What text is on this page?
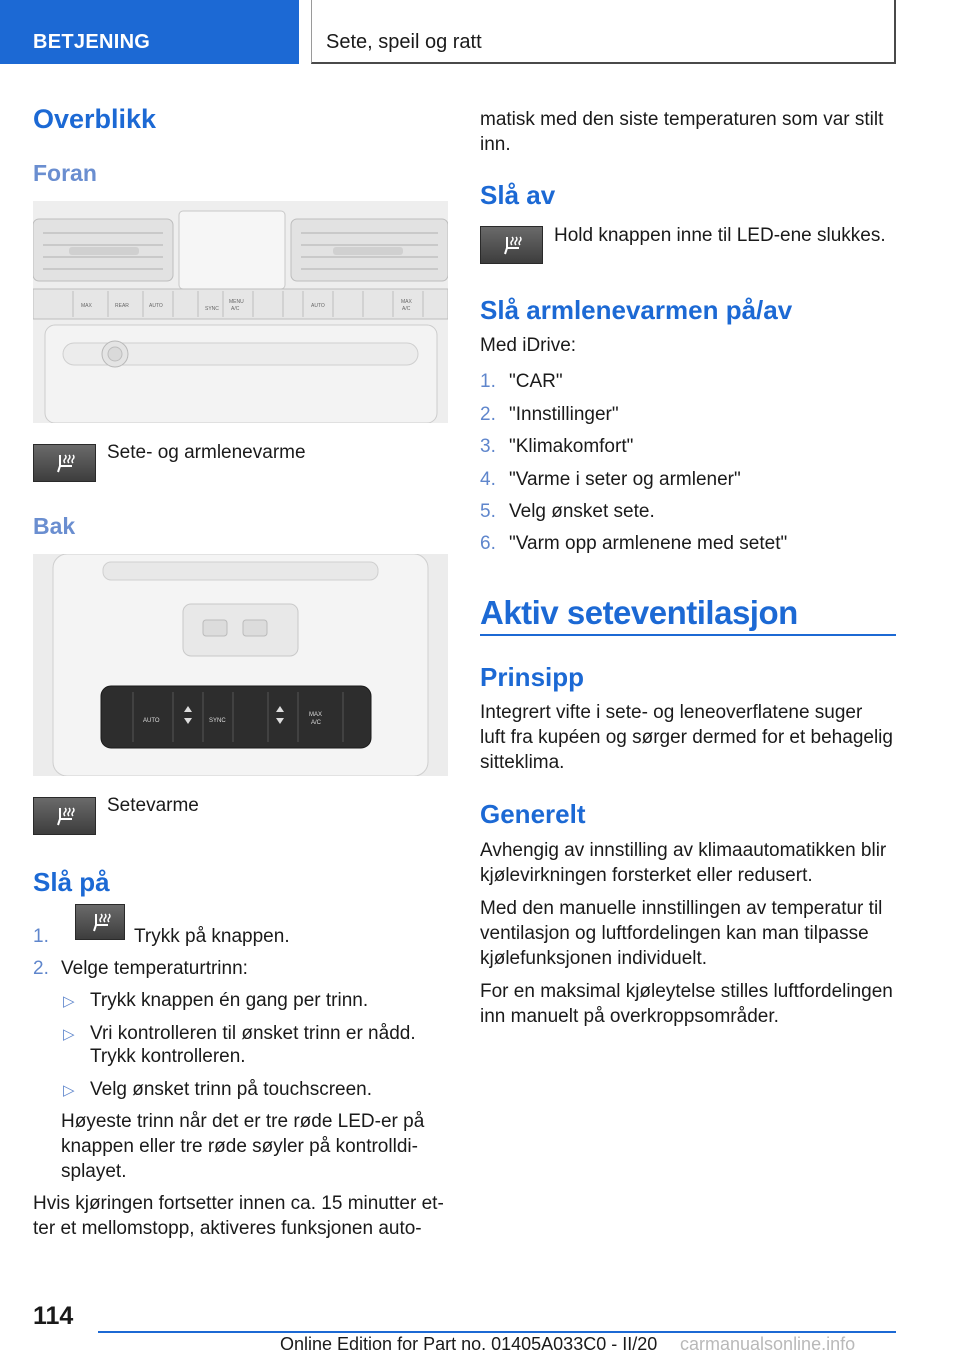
BETJENING	Sete, speil og ratt
Overblikk
Foran
MAX	REAR	AUTO
MENU
A/C
SYNC	AUTO
MAX
A/C
Sete- og armlenevarme
Bak
AUTO	SYNC
MAX
A/C
Setevarme
Slå på
1.	Trykk på knappen.
2. Velge temperaturtrinn:
▷ Trykk knappen én gang per trinn.
▷ Vri kontrolleren til ønsket trinn er nådd.
Trykk kontrolleren.
▷ Velg ønsket trinn på touchscreen.
Høyeste trinn når det er tre røde LED-er på
knappen eller tre røde søyler på kontrolldi-
splayet.
Hvis kjøringen fortsetter innen ca. 15 minutter et-
ter et mellomstopp, aktiveres funksjonen auto-
matisk med den siste temperaturen som var stilt
inn.
Slå av
Hold knappen inne til LED-ene slukkes.
Slå armlenevarmen på/av
Med iDrive:
1. "CAR"
2. "Innstillinger"
3. "Klimakomfort"
4. "Varme i seter og armlener"
5. Velg ønsket sete.
6. "Varm opp armlenene med setet"
Aktiv seteventilasjon
Prinsipp
Integrert vifte i sete- og leneoverflatene suger
luft fra kupéen og sørger dermed for et behagelig
sitteklima.
Generelt
Avhengig av innstilling av klimaautomatikken blir
kjølevirkningen forsterket eller redusert.
Med den manuelle innstillingen av temperatur til
ventilasjon og luftfordelingen kan man tilpasse
kjølefunksjonen individuelt.
For en maksimal kjøleytelse stilles luftfordelingen
inn manuelt på overkroppsområder.
114
Online Edition for Part no. 01405A033C0 - II/20 carmanualsonline.info
